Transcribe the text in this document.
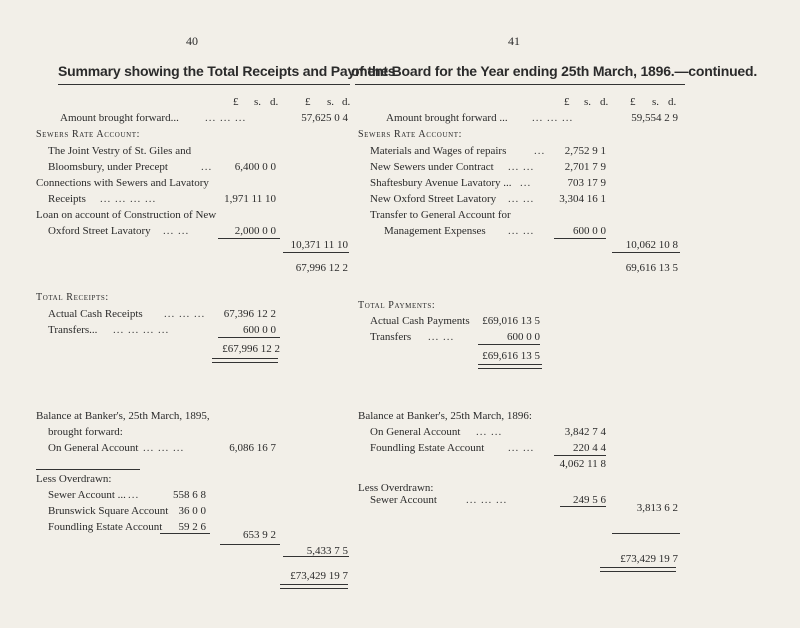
40	41
Summary showing the Total Receipts and Payments
of the Board for the Year ending 25th March, 1896.—continued.
£ s. d. £ s. d.	£ s. d. £ s. d.
Amount brought forward... ... ... ...	57,625 0 4
Sewers Rate Account:
The Joint Vestry of St. Giles and
Bloomsbury, under Precept	...	6,400 0 0
Connections with Sewers and Lavatory
Receipts ... ... ... ...	1,971 11 10
Loan on account of Construction of New
Oxford Street Lavatory ... ...	2,000 0 0
10,371 11 10
67,996 12 2
Total Receipts:
Actual Cash Receipts ... ... ...	67,396 12 2
Transfers... ... ... ... ...	600 0 0
£67,996 12 2
Balance at Banker's, 25th March, 1895,
brought forward:
On General Account ... ... ...	6,086 16 7
Less Overdrawn:
Sewer Account ... ...	558 6 8
Brunswick Square Account 36 0 0
Foundling Estate Account	59 2 6
653 9 2
5,433 7 5
£73,429 19 7
Amount brought forward ... ... ... ...	59,554 2 9
Sewers Rate Account:
Materials and Wages of repairs	...	2,752 9 1
New Sewers under Contract ... ...	2,701 7 9
Shaftesbury Avenue Lavatory ... ...	703 17 9
New Oxford Street Lavatory ... ...	3,304 16 1
Transfer to General Account for
Management Expenses ... ...	600 0 0
10,062 10 8
69,616 13 5
Total Payments:
Actual Cash Payments	£69,016 13 5
Transfers ... ...	600 0 0
£69,616 13 5
Balance at Banker's, 25th March, 1896:
On General Account ... ...	3,842 7 4
Foundling Estate Account ... ...	220 4 4
4,062 11 8
Less Overdrawn:
Sewer Account	... ... ...	249 5 6
3,813 6 2
£73,429 19 7
